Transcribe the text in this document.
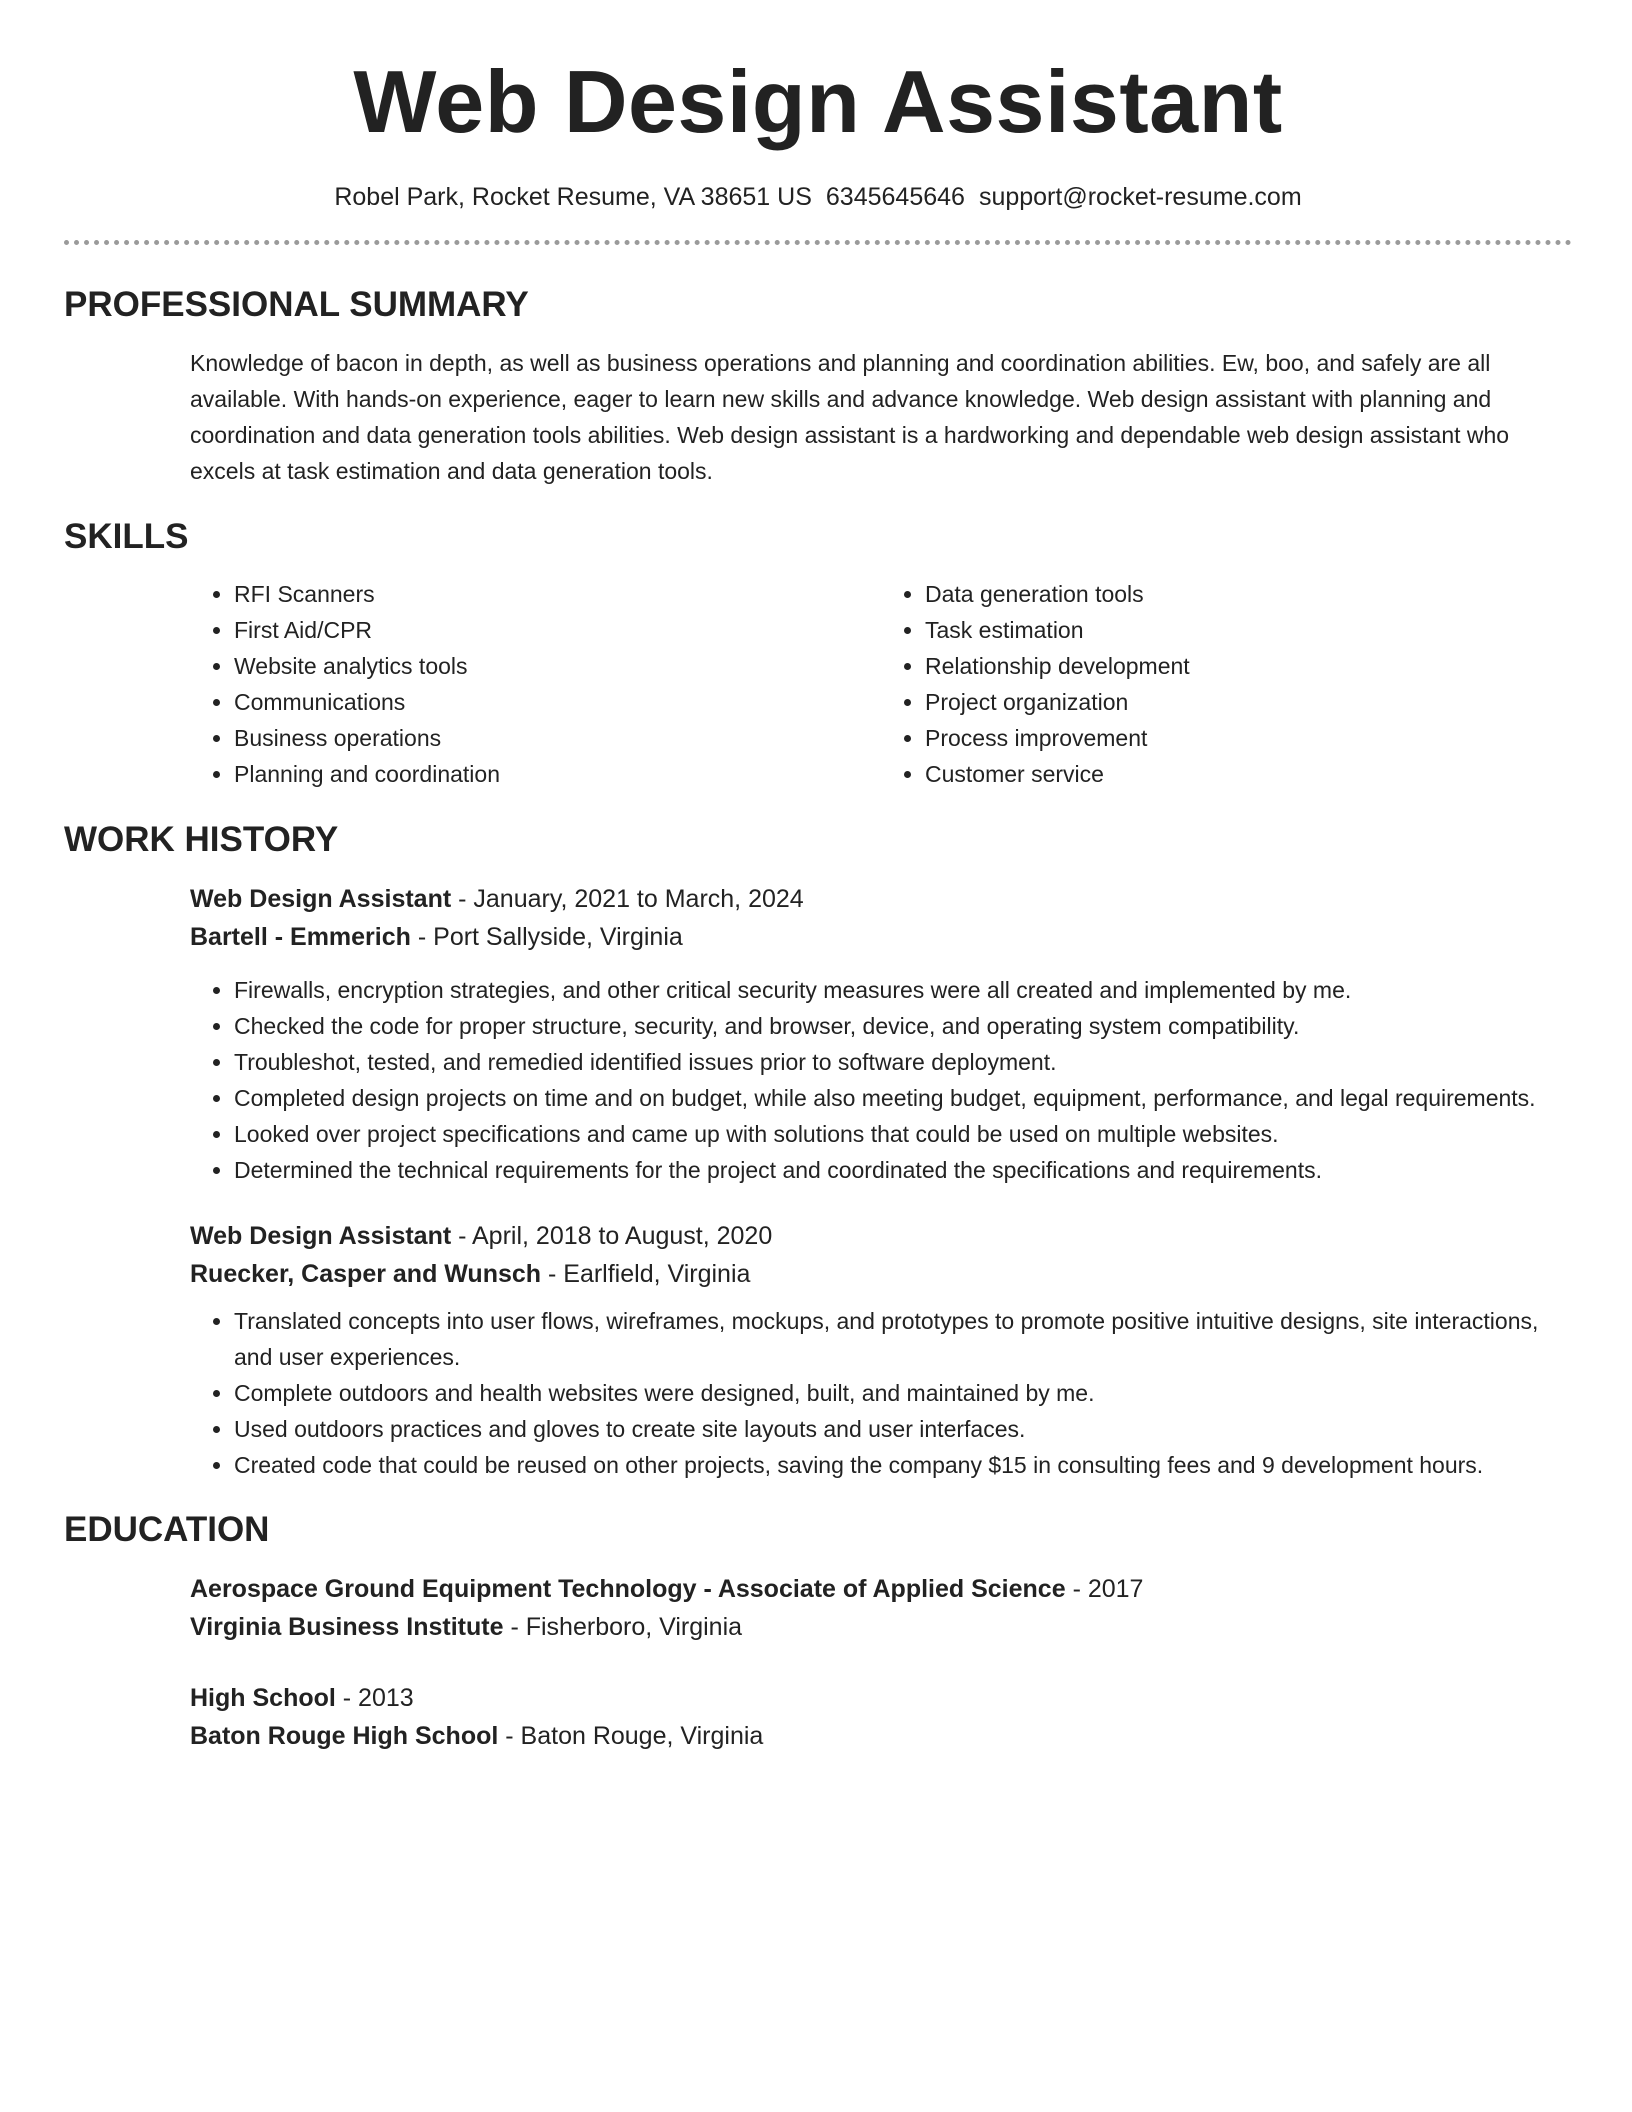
Web Design Assistant
Robel Park, Rocket Resume, VA 38651 US 6345645646 support@rocket-resume.com
PROFESSIONAL SUMMARY

Knowledge of bacon in depth, as well as business operations and planning and coordination abilities. Ew, boo, and safely are all available. With hands-on experience, eager to learn new skills and advance knowledge. Web design assistant with planning and coordination and data generation tools abilities. Web design assistant is a hardworking and dependable web design assistant who excels at task estimation and data generation tools.

SKILLS
• RFI Scanners
• First Aid/CPR
• Website analytics tools
• Communications
• Business operations
• Planning and coordination
• Data generation tools
• Task estimation
• Relationship development
• Project organization
• Process improvement
• Customer service
WORK HISTORY

Web Design Assistant - January, 2021 to March, 2024

Bartell - Emmerich - Port Sallyside, Virginia

• Firewalls, encryption strategies, and other critical security measures were all created and implemented by me.
• Checked the code for proper structure, security, and browser, device, and operating system compatibility.
• Troubleshot, tested, and remedied identified issues prior to software deployment.
• Completed design projects on time and on budget, while also meeting budget, equipment, performance, and legal requirements.
• Looked over project specifications and came up with solutions that could be used on multiple websites.
• Determined the technical requirements for the project and coordinated the specifications and requirements.

Web Design Assistant - April, 2018 to August, 2020

Ruecker, Casper and Wunsch - Earlfield, Virginia

• Translated concepts into user flows, wireframes, mockups, and prototypes to promote positive intuitive designs, site interactions, and user experiences.
• Complete outdoors and health websites were designed, built, and maintained by me.
• Used outdoors practices and gloves to create site layouts and user interfaces.
• Created code that could be reused on other projects, saving the company $15 in consulting fees and 9 development hours.
EDUCATION

Aerospace Ground Equipment Technology - Associate of Applied Science - 2017

Virginia Business Institute - Fisherboro, Virginia

High School - 2013

Baton Rouge High School - Baton Rouge, Virginia
